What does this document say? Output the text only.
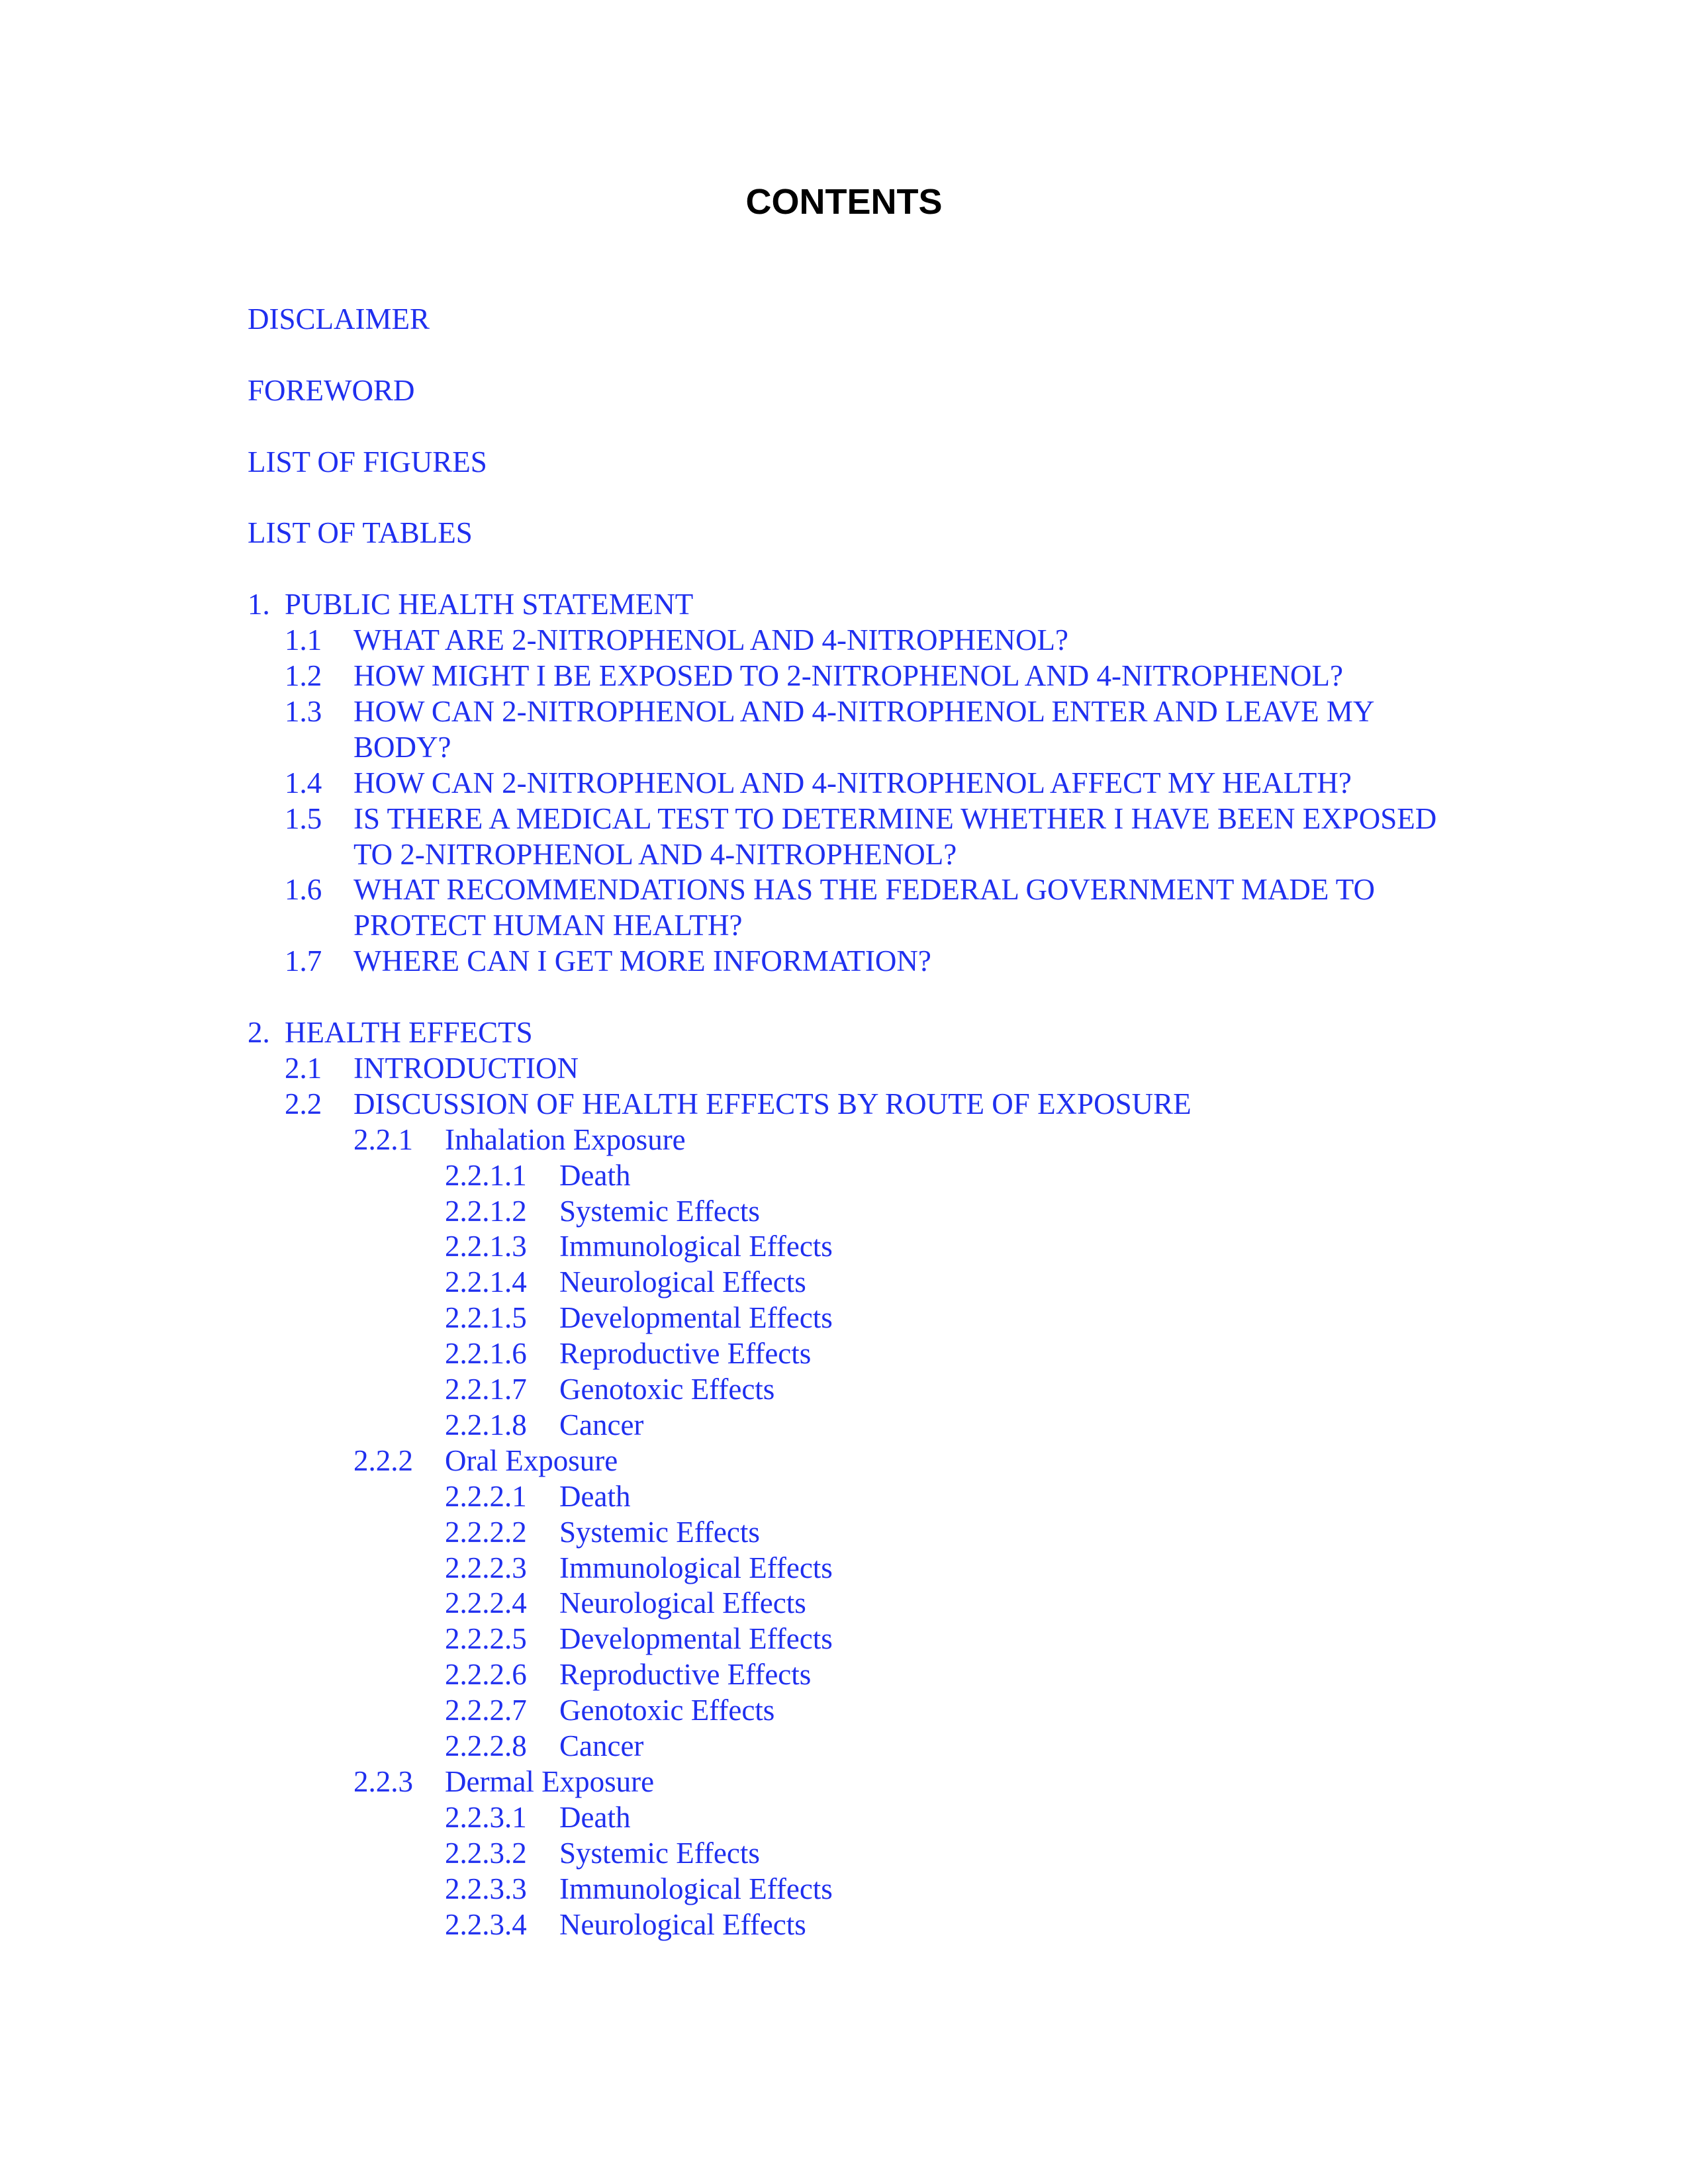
CONTENTS
DISCLAIMER
FOREWORD
LIST OF FIGURES
LIST OF TABLES
1. PUBLIC HEALTH STATEMENT
1.1 WHAT ARE 2-NITROPHENOL AND 4-NITROPHENOL?
1.2 HOW MIGHT I BE EXPOSED TO 2-NITROPHENOL AND 4-NITROPHENOL?
1.3 HOW CAN 2-NITROPHENOL AND 4-NITROPHENOL ENTER AND LEAVE MY
BODY?
1.4 HOW CAN 2-NITROPHENOL AND 4-NITROPHENOL AFFECT MY HEALTH?
1.5 IS THERE A MEDICAL TEST TO DETERMINE WHETHER I HAVE BEEN EXPOSED
TO 2-NITROPHENOL AND 4-NITROPHENOL?
1.6 WHAT RECOMMENDATIONS HAS THE FEDERAL GOVERNMENT MADE TO
PROTECT HUMAN HEALTH?
1.7 WHERE CAN I GET MORE INFORMATION?
2. HEALTH EFFECTS
2.1 INTRODUCTION
2.2 DISCUSSION OF HEALTH EFFECTS BY ROUTE OF EXPOSURE
2.2.1 Inhalation Exposure
2.2.1.1 Death
2.2.1.2 Systemic Effects
2.2.1.3 Immunological Effects
2.2.1.4 Neurological Effects
2.2.1.5 Developmental Effects
2.2.1.6 Reproductive Effects
2.2.1.7 Genotoxic Effects
2.2.1.8 Cancer
2.2.2 Oral Exposure
2.2.2.1 Death
2.2.2.2 Systemic Effects
2.2.2.3 Immunological Effects
2.2.2.4 Neurological Effects
2.2.2.5 Developmental Effects
2.2.2.6 Reproductive Effects
2.2.2.7 Genotoxic Effects
2.2.2.8 Cancer
2.2.3 Dermal Exposure
2.2.3.1 Death
2.2.3.2 Systemic Effects
2.2.3.3 Immunological Effects
2.2.3.4 Neurological Effects
